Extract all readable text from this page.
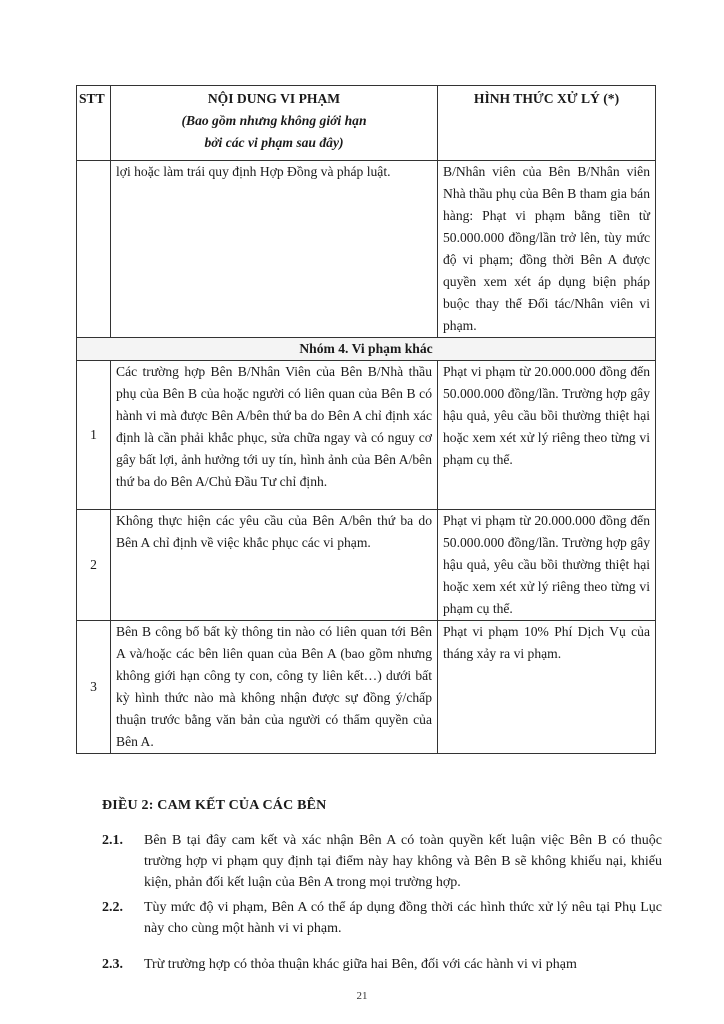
STT	NỘI DUNG VI PHẠM
(Bao gồm nhưng không giới hạn
bởi các vi phạm sau đây)	HÌNH THỨC XỬ LÝ (*)
	lợi hoặc làm trái quy định Hợp Đồng và pháp luật.	B/Nhân viên của Bên B/Nhân viên Nhà thầu phụ của Bên B tham gia bán hàng: Phạt vi phạm bằng tiền từ 50.000.000 đồng/lần trở lên, tùy mức độ vi phạm; đồng thời Bên A được quyền xem xét áp dụng biện pháp buộc thay thế Đối tác/Nhân viên vi phạm.
Nhóm 4. Vi phạm khác		
1	Các trường hợp Bên B/Nhân Viên của Bên B/Nhà thầu phụ của Bên B của hoặc người có liên quan của Bên B có hành vi mà được Bên A/bên thứ ba do Bên A chỉ định xác định là cần phải khắc phục, sửa chữa ngay và có nguy cơ gây bất lợi, ảnh hưởng tới uy tín, hình ảnh của Bên A/bên thứ ba do Bên A/Chủ Đầu Tư chỉ định.	Phạt vi phạm từ 20.000.000 đồng đến 50.000.000 đồng/lần. Trường hợp gây hậu quả, yêu cầu bồi thường thiệt hại hoặc xem xét xử lý riêng theo từng vi phạm cụ thể.
2	Không thực hiện các yêu cầu của Bên A/bên thứ ba do Bên A chỉ định về việc khắc phục các vi phạm.	Phạt vi phạm từ 20.000.000 đồng đến 50.000.000 đồng/lần. Trường hợp gây hậu quả, yêu cầu bồi thường thiệt hại hoặc xem xét xử lý riêng theo từng vi phạm cụ thể.
3	Bên B công bố bất kỳ thông tin nào có liên quan tới Bên A và/hoặc các bên liên quan của Bên A (bao gồm nhưng không giới hạn công ty con, công ty liên kết…) dưới bất kỳ hình thức nào mà không nhận được sự đồng ý/chấp thuận trước bằng văn bản của người có thẩm quyền của Bên A.	Phạt vi phạm 10% Phí Dịch Vụ của tháng xảy ra vi phạm.
ĐIỀU 2: CAM KẾT CỦA CÁC BÊN
2.1. Bên B tại đây cam kết và xác nhận Bên A có toàn quyền kết luận việc Bên B có thuộc trường hợp vi phạm quy định tại điểm này hay không và Bên B sẽ không khiếu nại, khiếu kiện, phản đối kết luận của Bên A trong mọi trường hợp.
2.2. Tùy mức độ vi phạm, Bên A có thể áp dụng đồng thời các hình thức xử lý nêu tại Phụ Lục này cho cùng một hành vi vi phạm.
2.3. Trừ trường hợp có thỏa thuận khác giữa hai Bên, đối với các hành vi vi phạm
21
